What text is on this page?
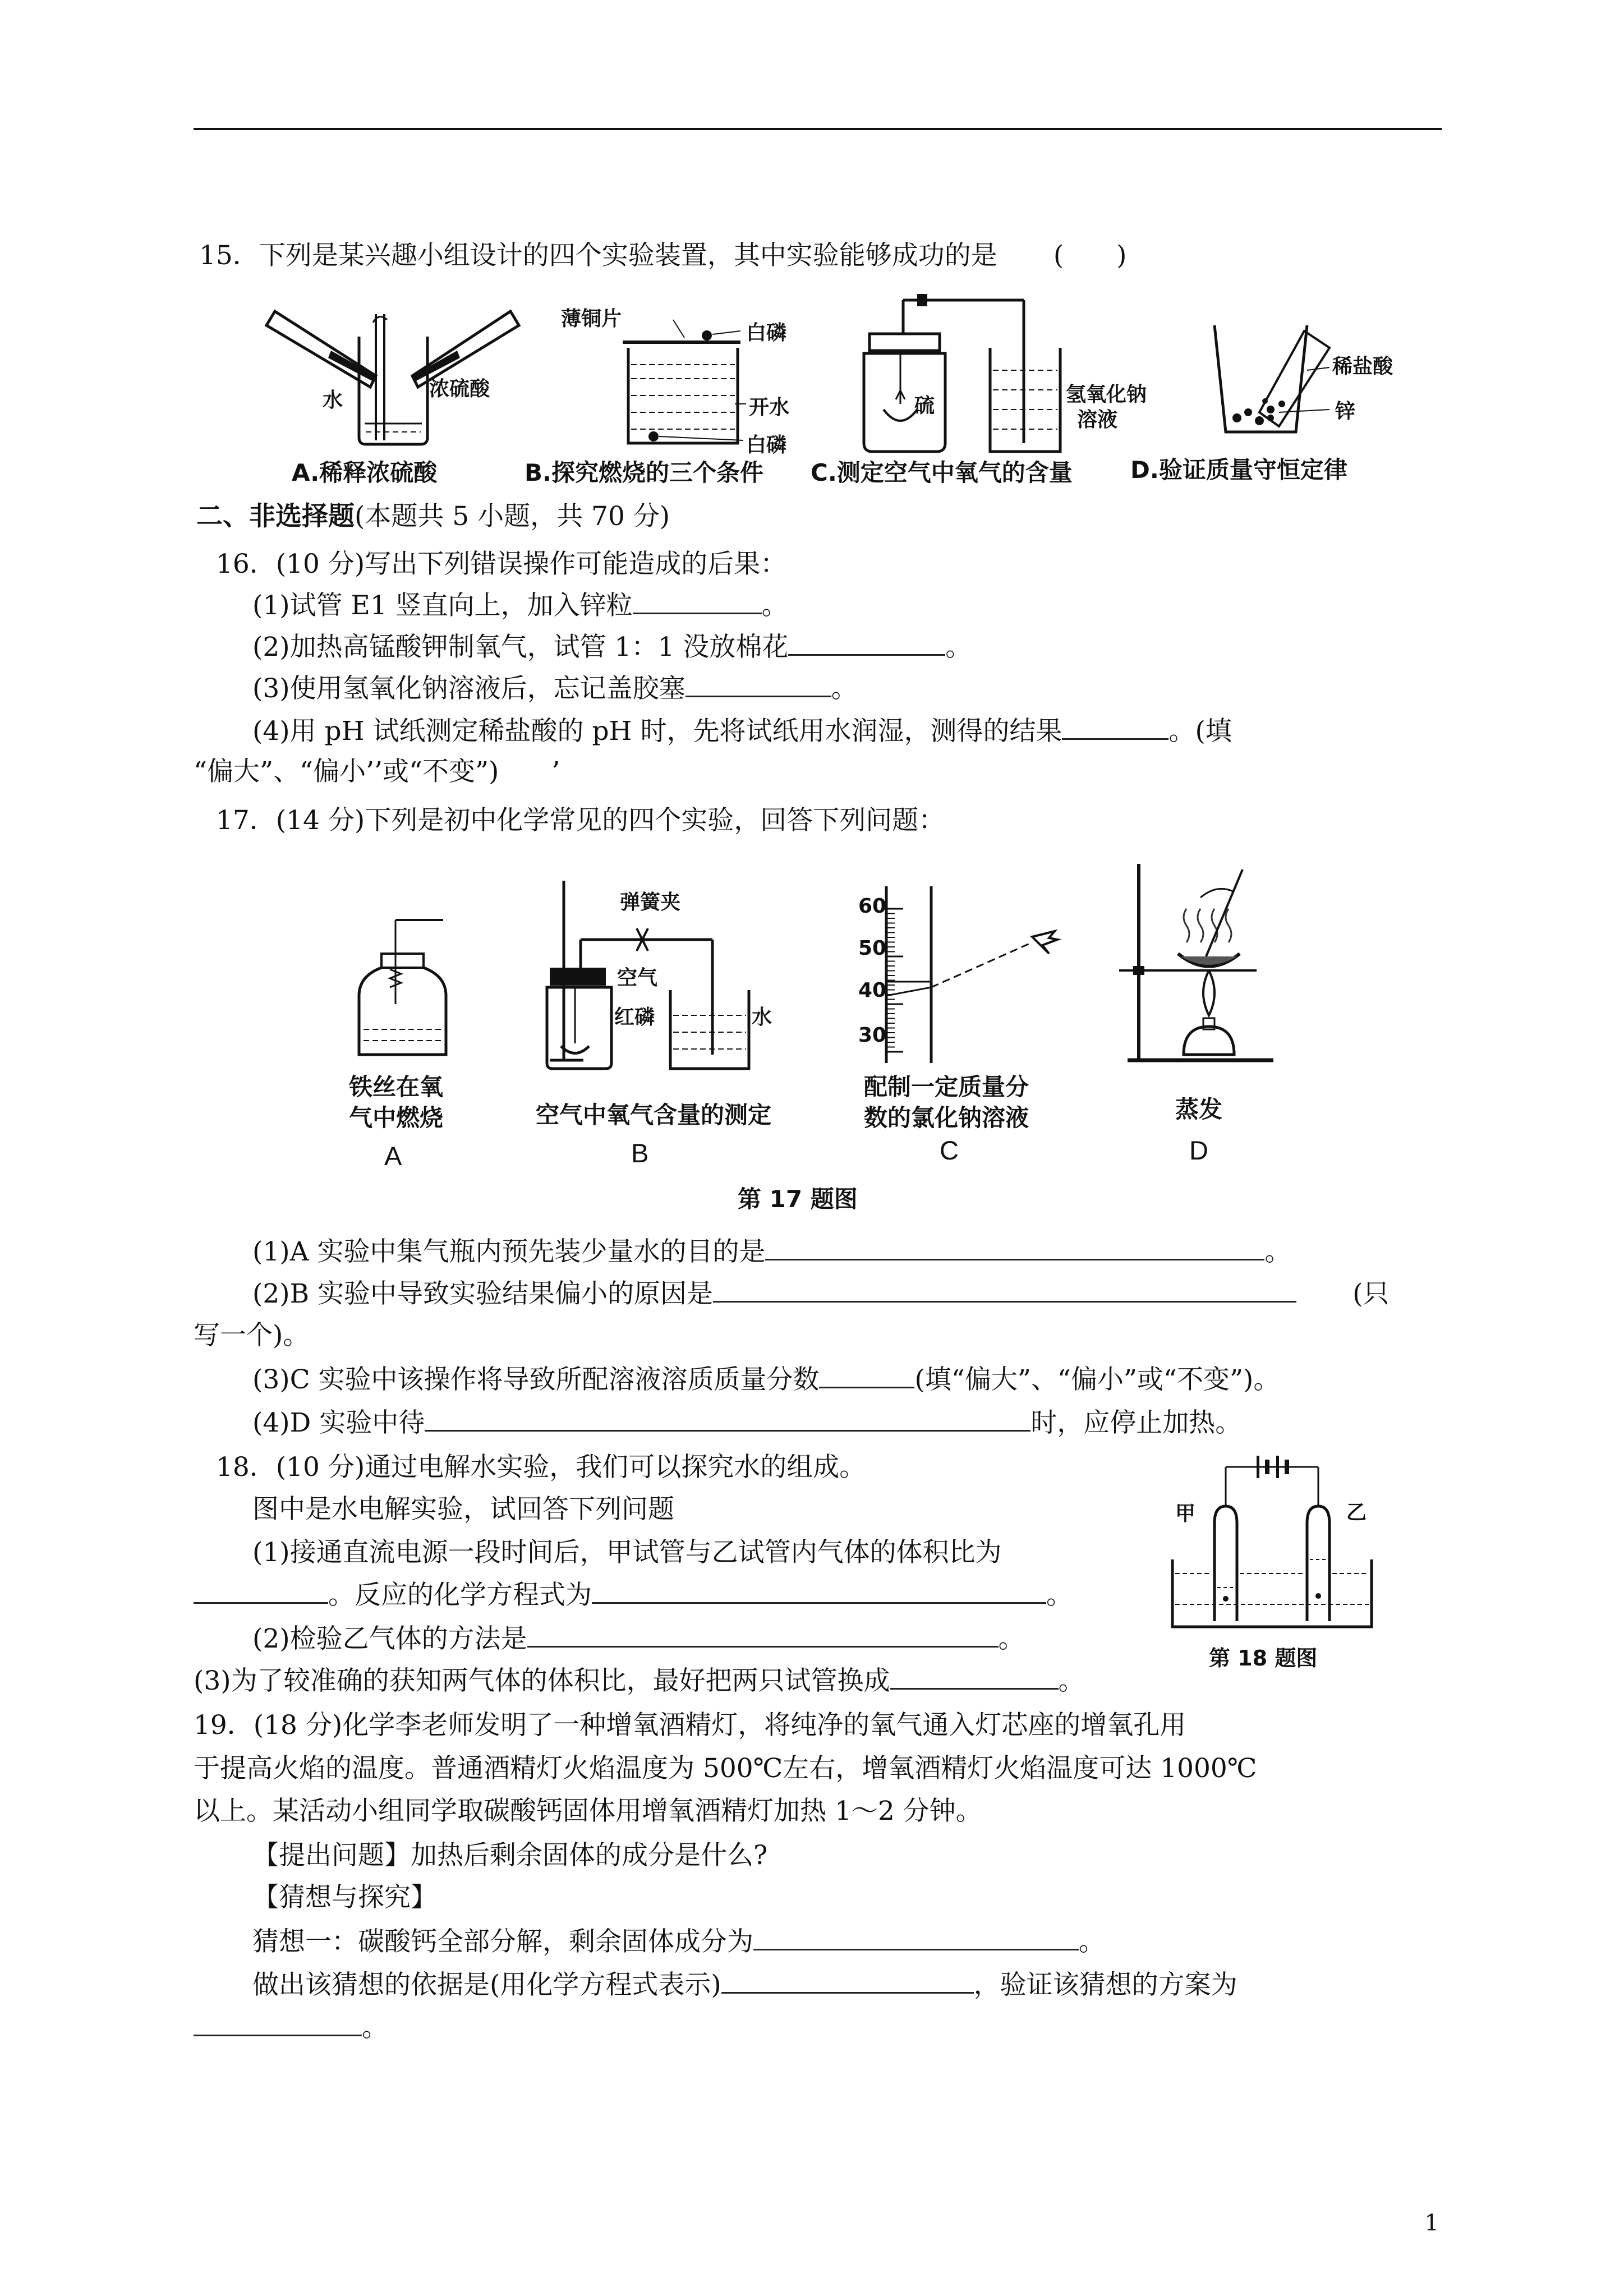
15．下列是某兴趣小组设计的四个实验装置，其中实验能够成功的是 (　　)
水	浓硫酸
A.稀释浓硫酸
薄铜片
白磷
开水
白磷
B.探究燃烧的三个条件
硫	氢氧化钠
溶液
C.测定空气中氧气的含量
稀盐酸
锌
D.验证质量守恒定律
二、非选择题(本题共 5 小题，共 70 分)
16．(10 分)写出下列错误操作可能造成的后果：
(1)试管 E1 竖直向上，加入锌粒	。
(2)加热高锰酸钾制氧气，试管 1：1 没放棉花	。
(3)使用氢氧化钠溶液后，忘记盖胶塞	。
(4)用 pH 试纸测定稀盐酸的 pH 时，先将试纸用水润湿，测得的结果	。(填
“偏大”、“偏小’’或“不变”)　　’
17．(14 分)下列是初中化学常见的四个实验，回答下列问题：
铁丝在氧
气中燃烧
A
弹簧夹
空气
红磷	水
空气中氧气含量的测定
B
60
50
40
30
配制一定质量分
数的氯化钠溶液
C
蒸发
D
第 17 题图
(1)A 实验中集气瓶内预先装少量水的目的是	。
(2)B 实验中导致实验结果偏小的原因是	(只
写一个)。
(3)C 实验中该操作将导致所配溶液溶质质量分数	(填“偏大”、“偏小”或“不变”)。
(4)D 实验中待	时，应停止加热。
18．(10 分)通过电解水实验，我们可以探究水的组成。
图中是水电解实验，试回答下列问题
(1)接通直流电源一段时间后，甲试管与乙试管内气体的体积比为
。反应的化学方程式为	。
(2)检验乙气体的方法是	。
(3)为了较准确的获知两气体的体积比，最好把两只试管换成	。
甲	乙
第 18 题图
19．(18 分)化学李老师发明了一种增氧酒精灯，将纯净的氧气通入灯芯座的增氧孔用
于提高火焰的温度。普通酒精灯火焰温度为 500℃左右，增氧酒精灯火焰温度可达 1000℃
以上。某活动小组同学取碳酸钙固体用增氧酒精灯加热 1～2 分钟。
【提出问题】加热后剩余固体的成分是什么?
【猜想与探究】
猜想一：碳酸钙全部分解，剩余固体成分为	。
做出该猜想的依据是(用化学方程式表示)	，验证该猜想的方案为
。
1
